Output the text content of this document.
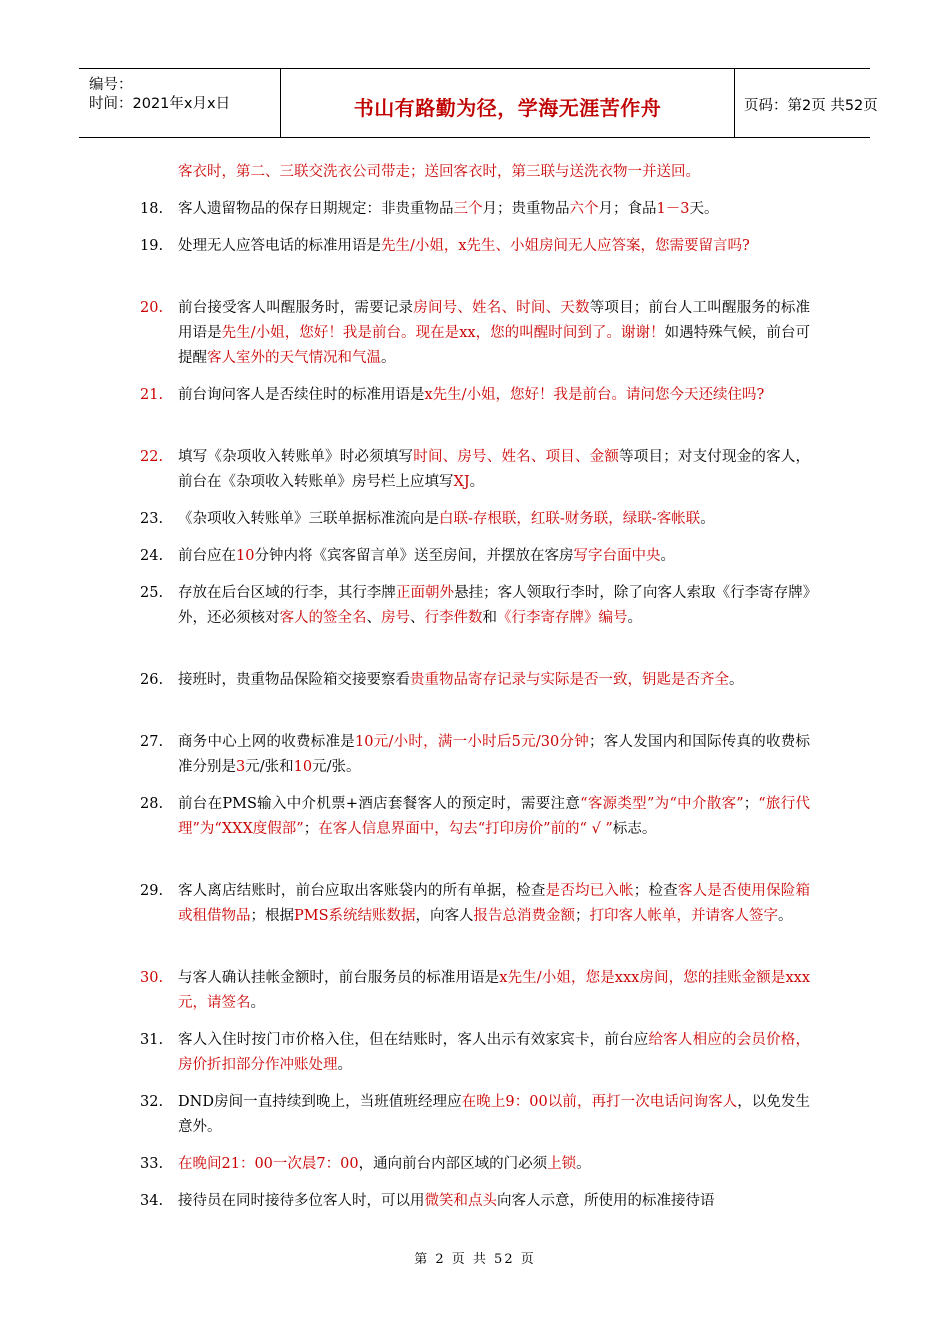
编号：
时间：2021年x月x日	书山有路勤为径，学海无涯苦作舟	页码：第2页 共52页
客衣时，第二、三联交洗衣公司带走；送回客衣时，第三联与送洗衣物一并送回。
18.	客人遗留物品的保存日期规定：非贵重物品三个月；贵重物品六个月；食品1－3天。
19.	处理无人应答电话的标准用语是先生/小姐，x先生、小姐房间无人应答案，您需要留言吗?
20.	前台接受客人叫醒服务时，需要记录房间号、姓名、时间、天数等项目；前台人工叫醒服务的标准用语是先生/小姐，您好！我是前台。现在是xx，您的叫醒时间到了。谢谢！如遇特殊气候，前台可提醒客人室外的天气情况和气温。
21.	前台询问客人是否续住时的标准用语是x先生/小姐，您好！我是前台。请问您今天还续住吗?
22.	填写《杂项收入转账单》时必须填写时间、房号、姓名、项目、金额等项目；对支付现金的客人，前台在《杂项收入转账单》房号栏上应填写XJ。
23.	《杂项收入转账单》三联单据标准流向是白联-存根联，红联-财务联，绿联-客帐联。
24.	前台应在10分钟内将《宾客留言单》送至房间，并摆放在客房写字台面中央。
25.	存放在后台区域的行李，其行李牌正面朝外悬挂；客人领取行李时，除了向客人索取《行李寄存牌》外，还必须核对客人的签全名、房号、行李件数和《行李寄存牌》编号。
26.	接班时，贵重物品保险箱交接要察看贵重物品寄存记录与实际是否一致，钥匙是否齐全。
27.	商务中心上网的收费标准是10元/小时，满一小时后5元/30分钟；客人发国内和国际传真的收费标准分别是3元/张和10元/张。
28.	前台在PMS输入中介机票+酒店套餐客人的预定时，需要注意“客源类型”为“中介散客”；“旅行代理”为“XXX度假部”；在客人信息界面中，勾去“打印房价”前的“ √ ”标志。
29.	客人离店结账时，前台应取出客账袋内的所有单据，检查是否均已入帐；检查客人是否使用保险箱或租借物品；根据PMS系统结账数据，向客人报告总消费金额；打印客人帐单，并请客人签字。
30.	与客人确认挂帐金额时，前台服务员的标准用语是x先生/小姐，您是xxx房间，您的挂账金额是xxx元，请签名。
31.	客人入住时按门市价格入住，但在结账时，客人出示有效家宾卡，前台应给客人相应的会员价格，房价折扣部分作冲账处理。
32.	DND房间一直持续到晚上，当班值班经理应在晚上9：00以前，再打一次电话问询客人，以免发生意外。
33.	在晚间21：00一次晨7：00，通向前台内部区域的门必须上锁。
34.	接待员在同时接待多位客人时，可以用微笑和点头向客人示意，所使用的标准接待语
第 2 页 共 52 页
